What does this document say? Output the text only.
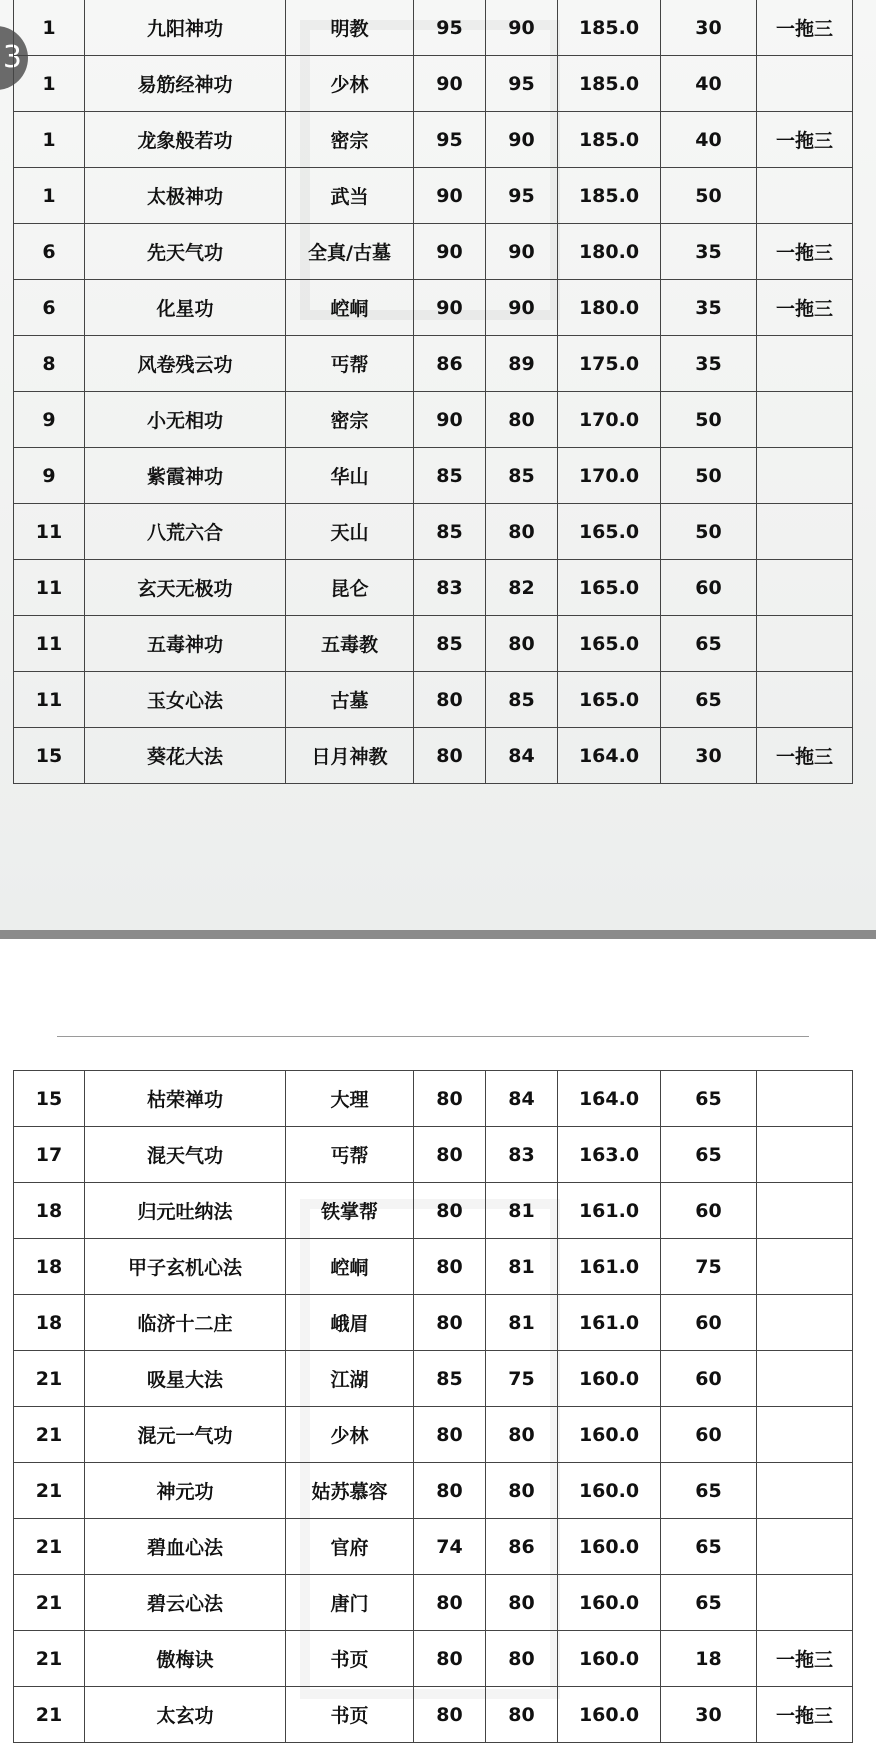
3
1	九阳神功	明教	95	90	185.0	30	一拖三
1	易筋经神功	少林	90	95	185.0	40	
1	龙象般若功	密宗	95	90	185.0	40	一拖三
1	太极神功	武当	90	95	185.0	50	
6	先天气功	全真/古墓	90	90	180.0	35	一拖三
6	化星功	崆峒	90	90	180.0	35	一拖三
8	风卷残云功	丐帮	86	89	175.0	35	
9	小无相功	密宗	90	80	170.0	50	
9	紫霞神功	华山	85	85	170.0	50	
11	八荒六合	天山	85	80	165.0	50	
11	玄天无极功	昆仑	83	82	165.0	60	
11	五毒神功	五毒教	85	80	165.0	65	
11	玉女心法	古墓	80	85	165.0	65	
15	葵花大法	日月神教	80	84	164.0	30	一拖三
15	枯荣禅功	大理	80	84	164.0	65	
17	混天气功	丐帮	80	83	163.0	65	
18	归元吐纳法	铁掌帮	80	81	161.0	60	
18	甲子玄机心法	崆峒	80	81	161.0	75	
18	临济十二庄	峨眉	80	81	161.0	60	
21	吸星大法	江湖	85	75	160.0	60	
21	混元一气功	少林	80	80	160.0	60	
21	神元功	姑苏慕容	80	80	160.0	65	
21	碧血心法	官府	74	86	160.0	65	
21	碧云心法	唐门	80	80	160.0	65	
21	傲梅诀	书页	80	80	160.0	18	一拖三
21	太玄功	书页	80	80	160.0	30	一拖三
